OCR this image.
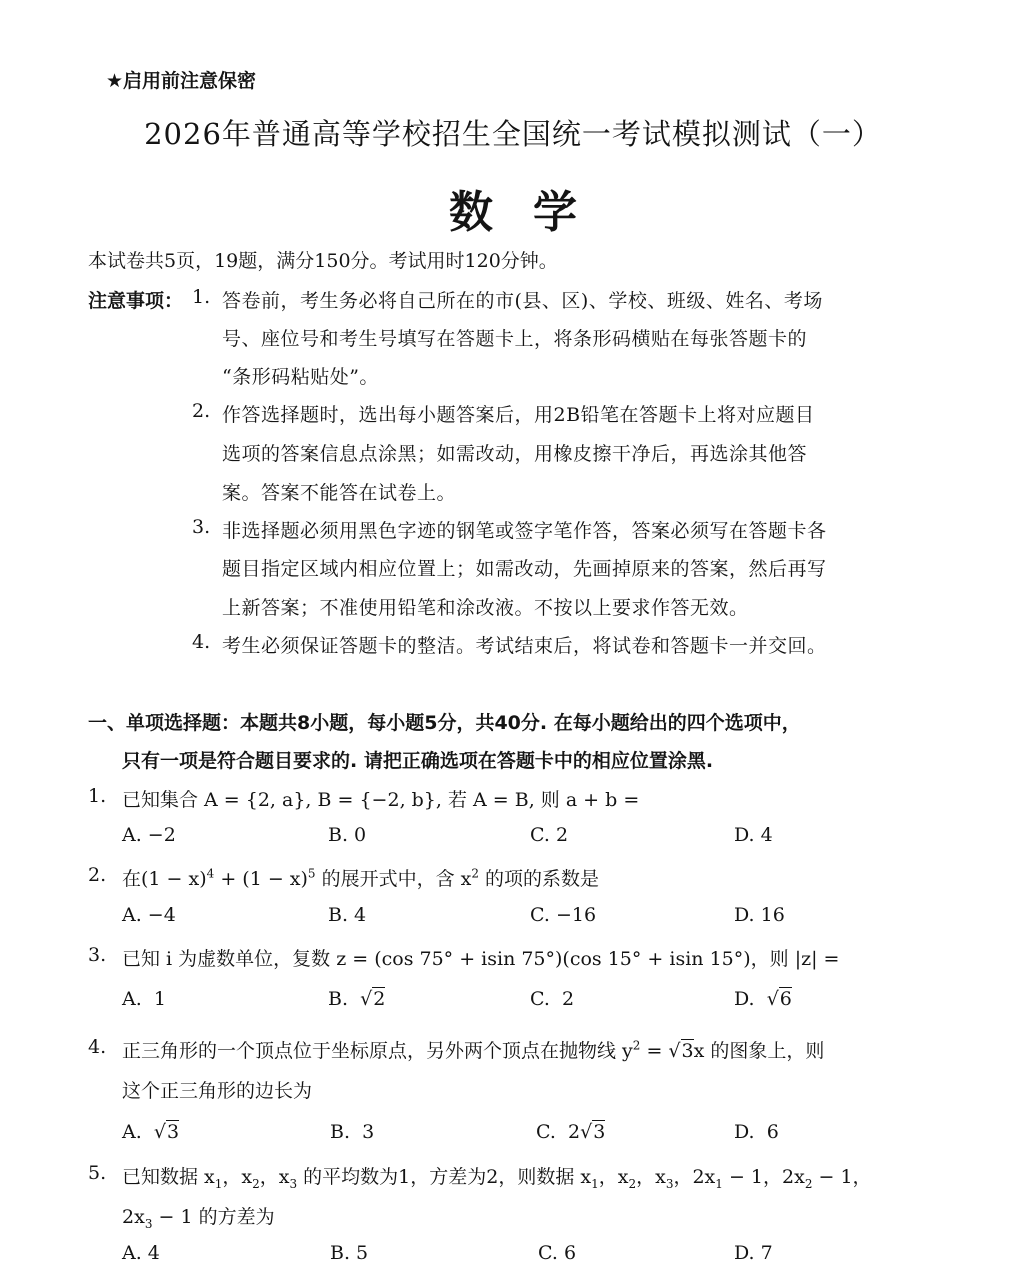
★启用前注意保密
2026年普通高等学校招生全国统一考试模拟测试（一）
数学
本试卷共5页，19题，满分150分。考试用时120分钟。
注意事项： 1. 答卷前，考生务必将自己所在的市(县、区)、学校、班级、姓名、考场
号、座位号和考生号填写在答题卡上，将条形码横贴在每张答题卡的
“条形码粘贴处”。
2. 作答选择题时，选出每小题答案后，用2B铅笔在答题卡上将对应题目
选项的答案信息点涂黑；如需改动，用橡皮擦干净后，再选涂其他答
案。答案不能答在试卷上。
3. 非选择题必须用黑色字迹的钢笔或签字笔作答，答案必须写在答题卡各
题目指定区域内相应位置上；如需改动，先画掉原来的答案，然后再写
上新答案；不准使用铅笔和涂改液。不按以上要求作答无效。
4. 考生必须保证答题卡的整洁。考试结束后，将试卷和答题卡一并交回。
一、单项选择题：本题共8小题，每小题5分，共40分. 在每小题给出的四个选项中，
只有一项是符合题目要求的. 请把正确选项在答题卡中的相应位置涂黑.
1. 已知集合 A = {2, a}, B = {−2, b}, 若 A = B, 则 a + b =
A. −2	B. 0	C. 2	D. 4
2. 在$(1 - x)^4 + (1 - x)^5$ 的展开式中，含 $x^2$ 的项的系数是
A. −4	B. 4	C. −16	D. 16
3. 已知 i 为虚数单位，复数 z = (cos 75° + isin 75°)(cos 15° + isin 15°)，则 |z| =
A. 1	B.  √2	C. 2	D.  √6
4. 正三角形的一个顶点位于坐标原点，另外两个顶点在抛物线 $y^2 = √3x$ 的图象上，则
这个正三角形的边长为
A.  √3	B. 3	C. 2√3	D. 6
5. 已知数据 $x_1$，$x_2$，$x_3$ 的平均数为1，方差为2，则数据 $x_1$，$x_2$，$x_3$，$2x_1 - 1$，$2x_2 - 1$，
$2x_3 - 1$ 的方差为
A. 4	B. 5	C. 6	D. 7
